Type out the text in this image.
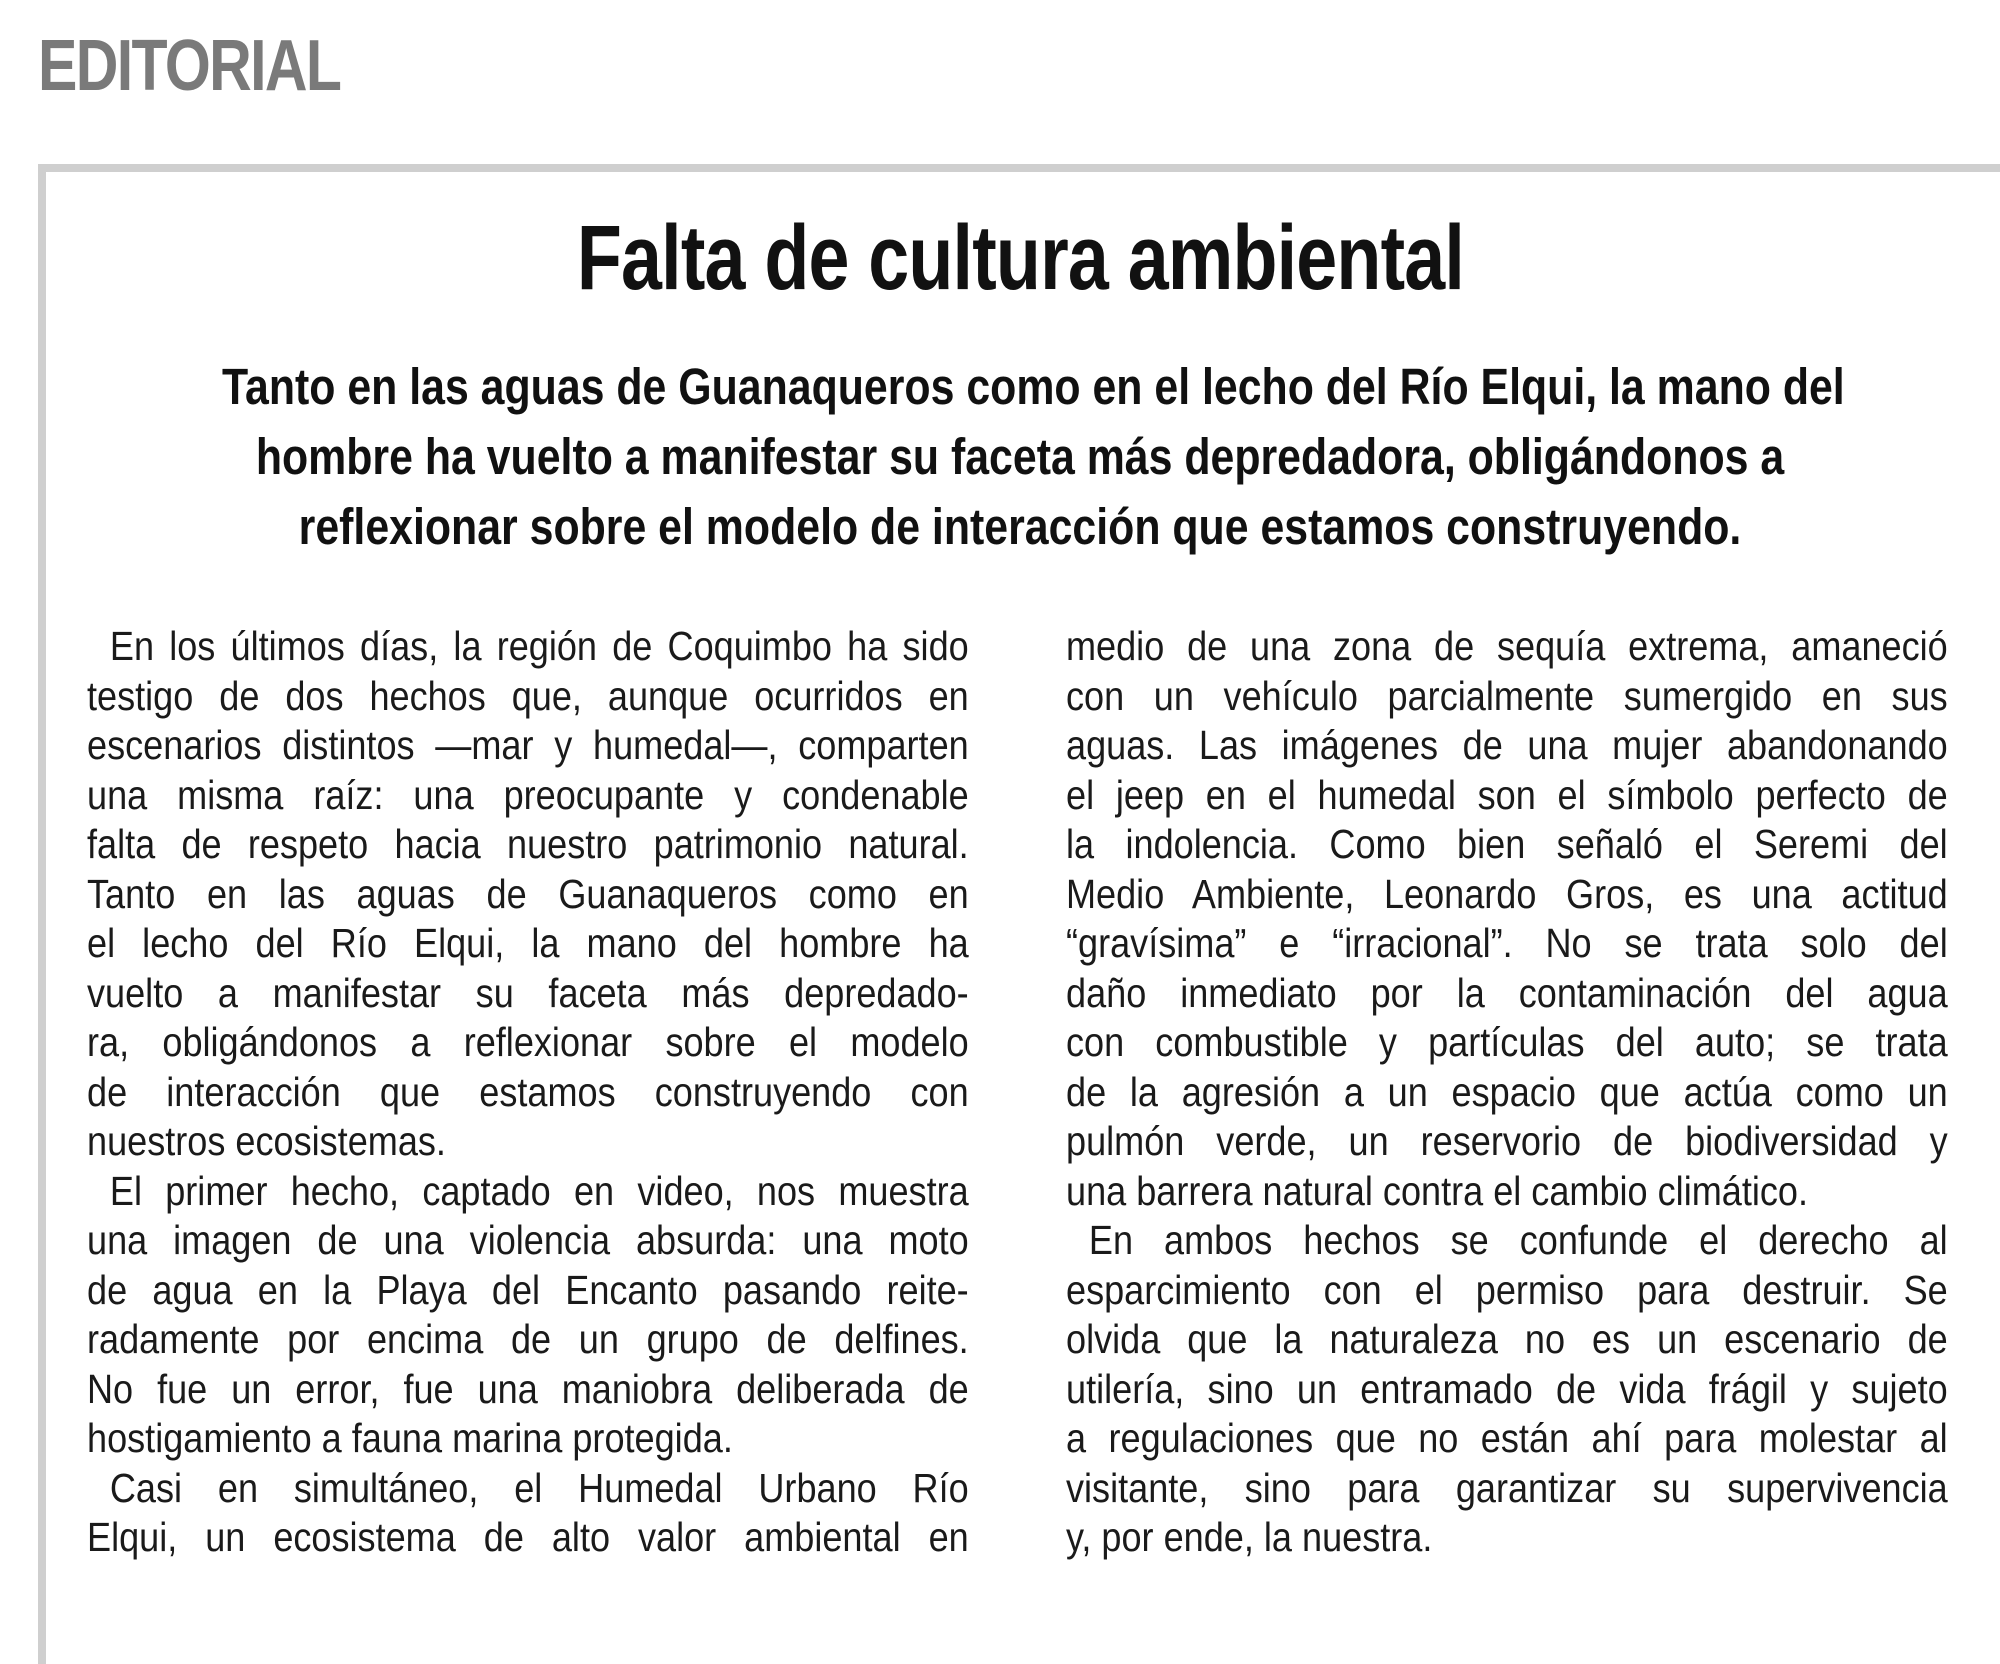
EDITORIAL
Falta de cultura ambiental
Tanto en las aguas de Guanaqueros como en el lecho del Río Elqui, la mano del
hombre ha vuelto a manifestar su faceta más depredadora, obligándonos a
reflexionar sobre el modelo de interacción que estamos construyendo.
En los últimos días, la región de Coquimbo ha sido
testigo de dos hechos que, aunque ocurridos en
escenarios distintos —mar y humedal—, comparten
una misma raíz: una preocupante y condenable
falta de respeto hacia nuestro patrimonio natural.
Tanto en las aguas de Guanaqueros como en
el lecho del Río Elqui, la mano del hombre ha
vuelto a manifestar su faceta más depredado-
ra, obligándonos a reflexionar sobre el modelo
de interacción que estamos construyendo con
nuestros ecosistemas.
El primer hecho, captado en video, nos muestra
una imagen de una violencia absurda: una moto
de agua en la Playa del Encanto pasando reite-
radamente por encima de un grupo de delfines.
No fue un error, fue una maniobra deliberada de
hostigamiento a fauna marina protegida.
Casi en simultáneo, el Humedal Urbano Río
Elqui, un ecosistema de alto valor ambiental en
medio de una zona de sequía extrema, amaneció
con un vehículo parcialmente sumergido en sus
aguas. Las imágenes de una mujer abandonando
el jeep en el humedal son el símbolo perfecto de
la indolencia. Como bien señaló el Seremi del
Medio Ambiente, Leonardo Gros, es una actitud
“gravísima” e “irracional”. No se trata solo del
daño inmediato por la contaminación del agua
con combustible y partículas del auto; se trata
de la agresión a un espacio que actúa como un
pulmón verde, un reservorio de biodiversidad y
una barrera natural contra el cambio climático.
En ambos hechos se confunde el derecho al
esparcimiento con el permiso para destruir. Se
olvida que la naturaleza no es un escenario de
utilería, sino un entramado de vida frágil y sujeto
a regulaciones que no están ahí para molestar al
visitante, sino para garantizar su supervivencia
y, por ende, la nuestra.
